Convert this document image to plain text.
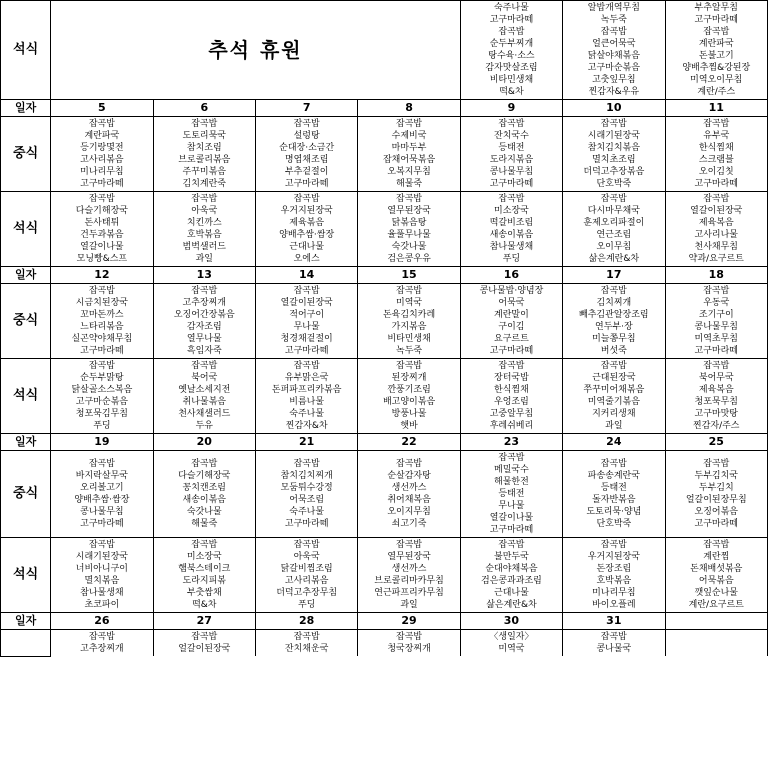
석식	추석 휴원	
숙주나물
고구마라떼
잡곡밥
순두부찌개
탕수육·소스
감자맛살조림
비타민생채
떡&차

알밥개역무침
녹두죽
잡곡밥
얼큰어묵국
닭살야채볶음
고구마순볶음
고춧잎무침
찐감자&우유

부추알무침
고구마라떼
잡곡밥
계란파국
돈불고기
양배추찜&강된장
미역오이무침
계란/주스

일자	5	6	7	8	9	10	11
중식	
잡곡밥
계란파국
등기랑몇전
고사리볶음
미나리무침
고구마라떼

잡곡밥
도토리묵국
참치조림
브로콜리볶음
주꾸미볶음
김치계란죽

잡곡밥
설렁탕
순대장·소금간
명엽채조림
부추겉절이
고구마라떼

잡곡밥
수제비국
마마두부
잡채어묵볶음
오복지무침
해물죽

잡곡밥
잔치국수
등태전
도라지볶음
콩나물무침
고구마라떼

잡곡밥
시래기된장국
참치김치볶음
멸치초조림
더덕고추장볶음
단호박죽

잡곡밥
유부국
한식찜채
스크램블
오이김칫
고구마라떼

석식	
잡곡밥
다슬기해장국
돈사태튀
건두과볶음
열갈이나물
모닝빵&스프

잡곡밥
아욱국
치킨까스
호박볶음
범벅샐러드
과일

잡곡밥
우거지된장국
제육볶음
양배추쌈·쌈장
근대나물
오에스

잡곡밥
열무된장국
닭볶음탕
율풀무나물
숙갓나물
검은콩우유

잡곡밥
미소장국
떡갈비조림
새송이볶음
참나물생채
푸딩

잡곡밥
다시마무채국
훈제오리파절이
연근조림
오이무침
삶은계란&차

잡곡밥
열갈이된장국
제육복음
고사리나물
천사채무침
약과/요구르트

일자	12	13	14	15	16	17	18
중식	
잡곡밥
시금치된장국
꼬마돈까스
느타리볶음
실곤약야채무침
고구마라떼

잡곡밥
고추장찌개
오징어간장볶음
감자조림
열무나물
흑임자죽

잡곡밥
열갈이된장국
적어구이
무나물
청경채겉절이
고구마라떼

잡곡밥
미역국
돈육김치카레
가지볶음
비타민생채
녹두죽

콩나물밥·양념장
어묵국
계란말이
구이김
요구르트
고구마라떼

잡곡밥
김치찌개
빼추김관알장조림
연두부·장
미늘쫑무침
버섯죽

잡곡밥
우동국
조기구이
콩나물무침
미역초무침
고구마라떼

석식	
잡곡밥
순두부맑탕
닭살골소스복음
고구마순볶음
청포묵김무침
푸딩

잡곡밥
북어국
옛날소세지전
취나물볶음
천사채샐러드
두유

잡곡밥
유부맑은국
돈퍼파프리카볶음
비름나물
숙주나물
찐감자&차

잡곡밥
된장찌개
깐풍기조림
배고양이볶음
방풍나물
햇바

잡곡밥
장터국밥
한식찜채
우엉조림
고중알무침
후레쉬베리

잡곡밥
근대된장국
쭈꾸미어채볶음
미역줄기볶음
지커리생채
과일

잡곡밥
북어무국
제육복음
청포묵무침
고구마맛탕
찐감자/주스

일자	19	20	21	22	23	24	25
중식	
잡곡밥
바지락살무국
오리볼고기
양배추쌈·쌈장
콩나물무침
고구마라떼

잡곡밥
다슬기해장국
꽁치캔조림
새송이볶음
숙갓나물
해물죽

잡곡밥
참치김치찌개
모둠튀수강정
어묵조림
숙주나물
고구마라떼

잡곡밥
순살감자탕
생선까스
취어채복음
오이지무침
쇠고기죽

잡곡밥
메밀국수
해물한전
등태전
무나물
열갈이나물
고구마라떼

잡곡밥
파송송계란국
등태전
돌자반볶음
도토리묵·양념
단호박죽

잡곡밥
두부김치국
두부김치
얼갈이된장무침
오징어볶음
고구마라떼

석식	
잡곡밥
시래기된장국
너비아니구이
멸치볶음
참나물생채
초코파이

잡곡밥
미소장국
햄북스테이크
도라지피볶
부춧쌈채
떡&차

잡곡밥
아욱국
닭갈비찜조림
고사리볶음
더덕고추장무침
푸딩

잡곡밥
열무된장국
생선까스
브로콜리마카무침
연근파프리카무침
과일

잡곡밥
불만두국
순대야채복음
검은콩과과조림
근대나물
삶은계란&차

잡곡밥
우거지된장국
돈장조림
호박볶음
미나리무침
바이오플레

잡곡밥
계란찜
돈채배섯볶음
어묵볶음
깻잎순나물
계란/요구르트

일자	26	27	28	29	30	31	

잡곡밥
고추장찌개

잡곡밥
얼갈이된장국

잡곡밥
잔치채운국

잡곡밥
청국장찌개

〈생일자〉
미역국

잡곡밥
콩나물국
